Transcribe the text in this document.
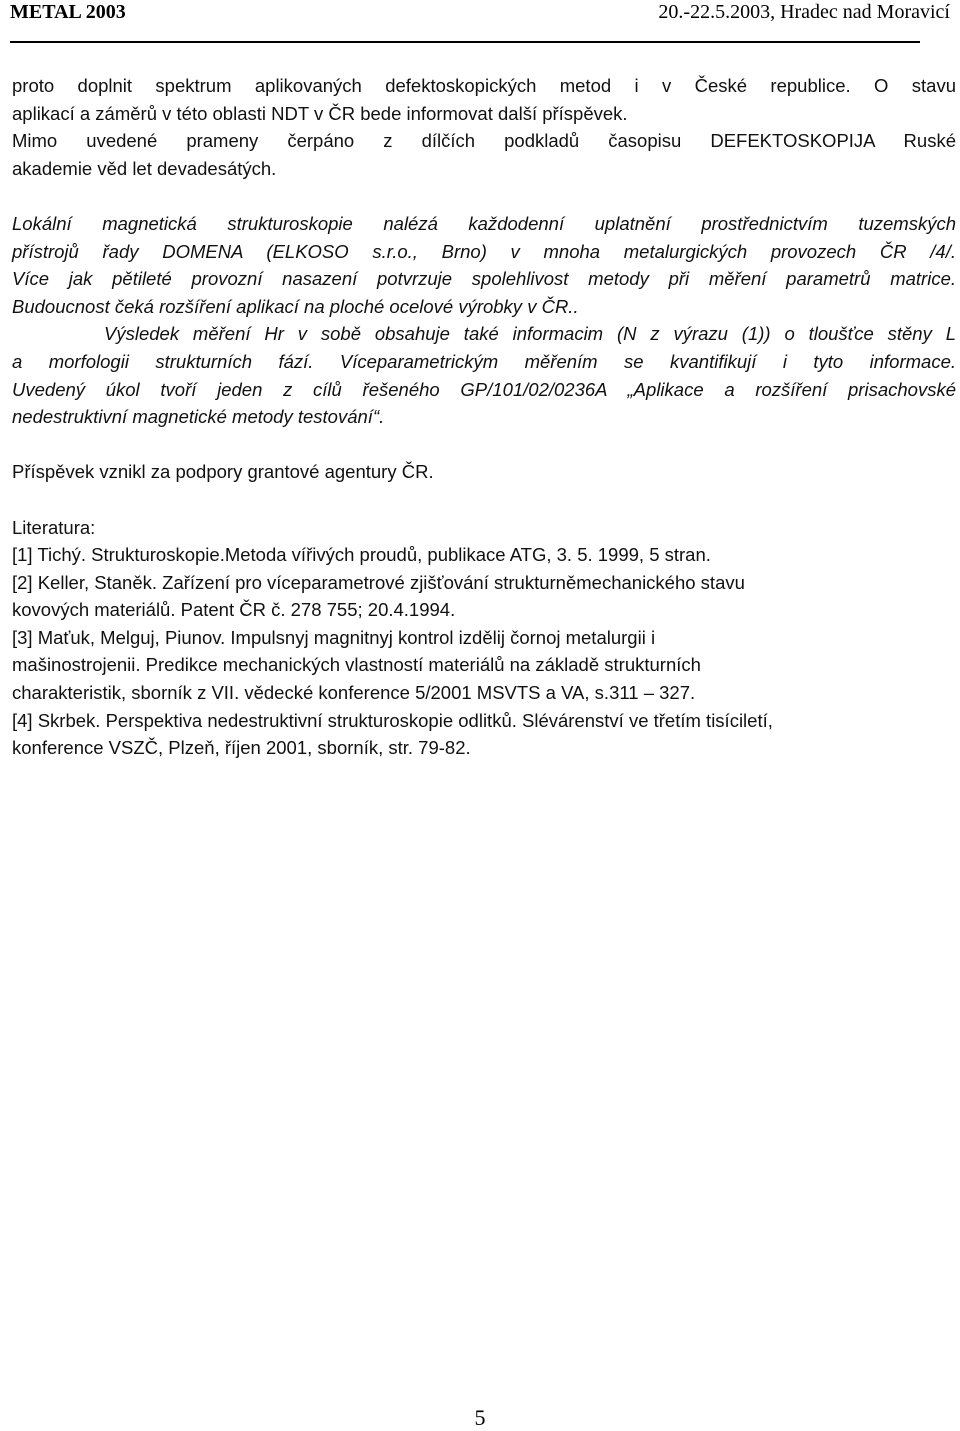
METAL 2003	20.-22.5.2003, Hradec nad Moravicí
proto doplnit spektrum aplikovaných defektoskopických metod i v České republice. O stavu
aplikací a záměrů v této oblasti NDT v ČR bede informovat další příspěvek.
Mimo uvedené prameny čerpáno z dílčích podkladů časopisu DEFEKTOSKOPIJA Ruské
akademie věd let devadesátých.
Lokální magnetická strukturoskopie nalézá každodenní uplatnění prostřednictvím tuzemských
přístrojů řady DOMENA (ELKOSO s.r.o., Brno) v mnoha metalurgických provozech ČR /4/.
Více jak pětileté provozní nasazení potvrzuje spolehlivost metody při měření parametrů matrice.
Budoucnost čeká rozšíření aplikací na ploché ocelové výrobky v ČR..
Výsledek měření Hr v sobě obsahuje také informacim (N z výrazu (1)) o tloušťce stěny L
a morfologii strukturních fází. Víceparametrickým měřením se kvantifikují i tyto informace.
Uvedený úkol tvoří jeden z cílů řešeného GP/101/02/0236A „Aplikace a rozšíření prisachovské
nedestruktivní magnetické metody testování“.
Příspěvek vznikl za podpory grantové agentury ČR.
Literatura:
[1] Tichý. Strukturoskopie.Metoda vířivých proudů, publikace ATG, 3. 5. 1999, 5 stran.
[2] Keller, Staněk. Zařízení pro víceparametrové zjišťování strukturněmechanického stavu
kovových materiálů. Patent ČR č. 278 755; 20.4.1994.
[3] Maťuk, Melguj, Piunov. Impulsnyj magnitnyj kontrol izdělij čornoj metalurgii i
mašinostrojenii. Predikce mechanických vlastností materiálů na základě strukturních
charakteristik, sborník z VII. vědecké konference 5/2001 MSVTS a VA, s.311 – 327.
[4] Skrbek. Perspektiva nedestruktivní strukturoskopie odlitků. Slévárenství ve třetím tisíciletí,
konference VSZČ, Plzeň, říjen 2001, sborník, str. 79-82.
5
